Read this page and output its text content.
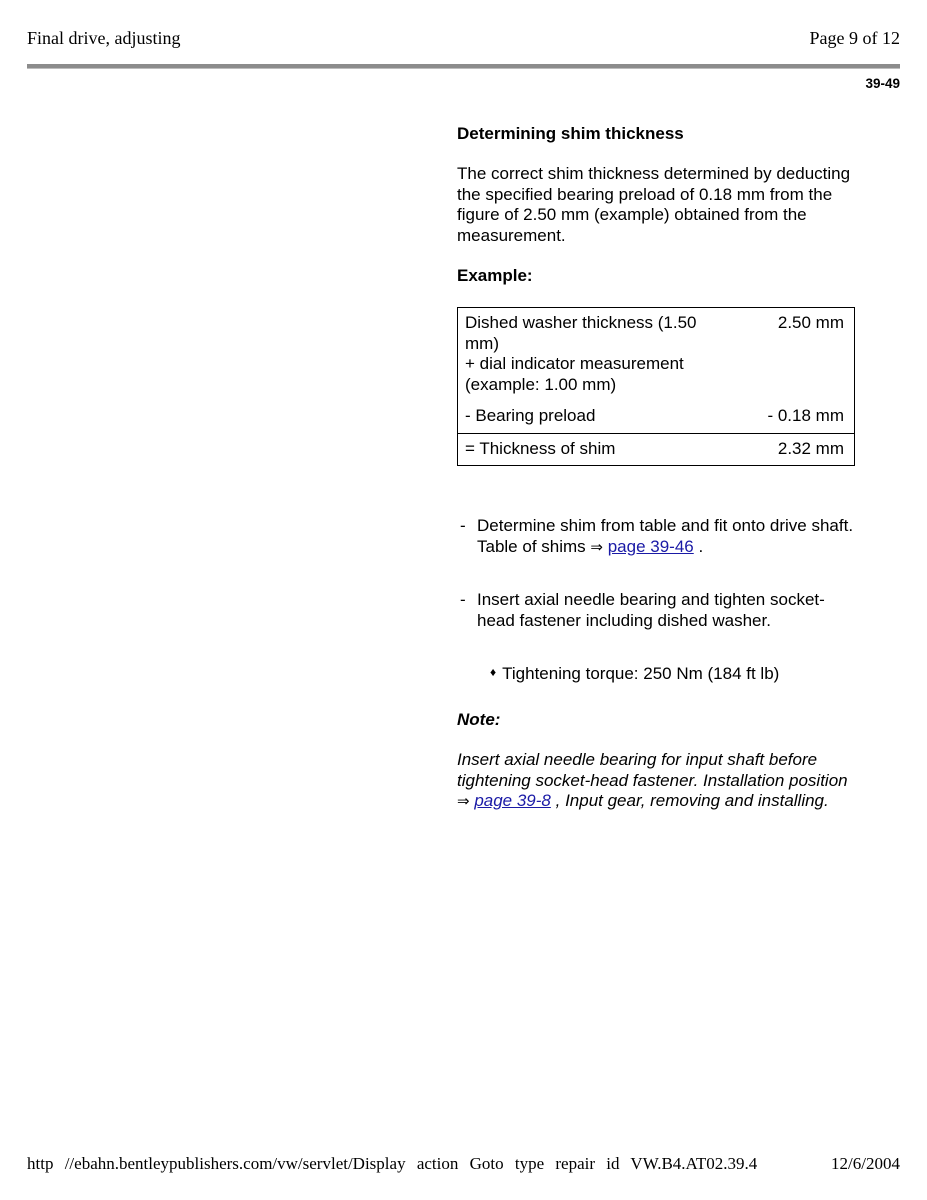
Final drive, adjusting	Page 9 of 12
39-49
Determining shim thickness
The correct shim thickness determined by deducting the specified bearing preload of 0.18 mm from the figure of 2.50 mm (example) obtained from the measurement.
Example:
Dished washer thickness (1.50 mm)
+ dial indicator measurement (example: 1.00 mm)	2.50 mm
- Bearing preload	- 0.18 mm
= Thickness of shim	2.32 mm
- Determine shim from table and fit onto drive shaft. Table of shims ⇒ page 39-46 .
- Insert axial needle bearing and tighten socket-head fastener including dished washer.
♦ Tightening torque: 250 Nm (184 ft lb)
Note:
Insert axial needle bearing for input shaft before tightening socket-head fastener. Installation position ⇒ page 39-8 , Input gear, removing and installing.
http //ebahn.bentleypublishers.com/vw/servlet/Display action Goto type repair id VW.B4.AT02.39.4	12/6/2004
